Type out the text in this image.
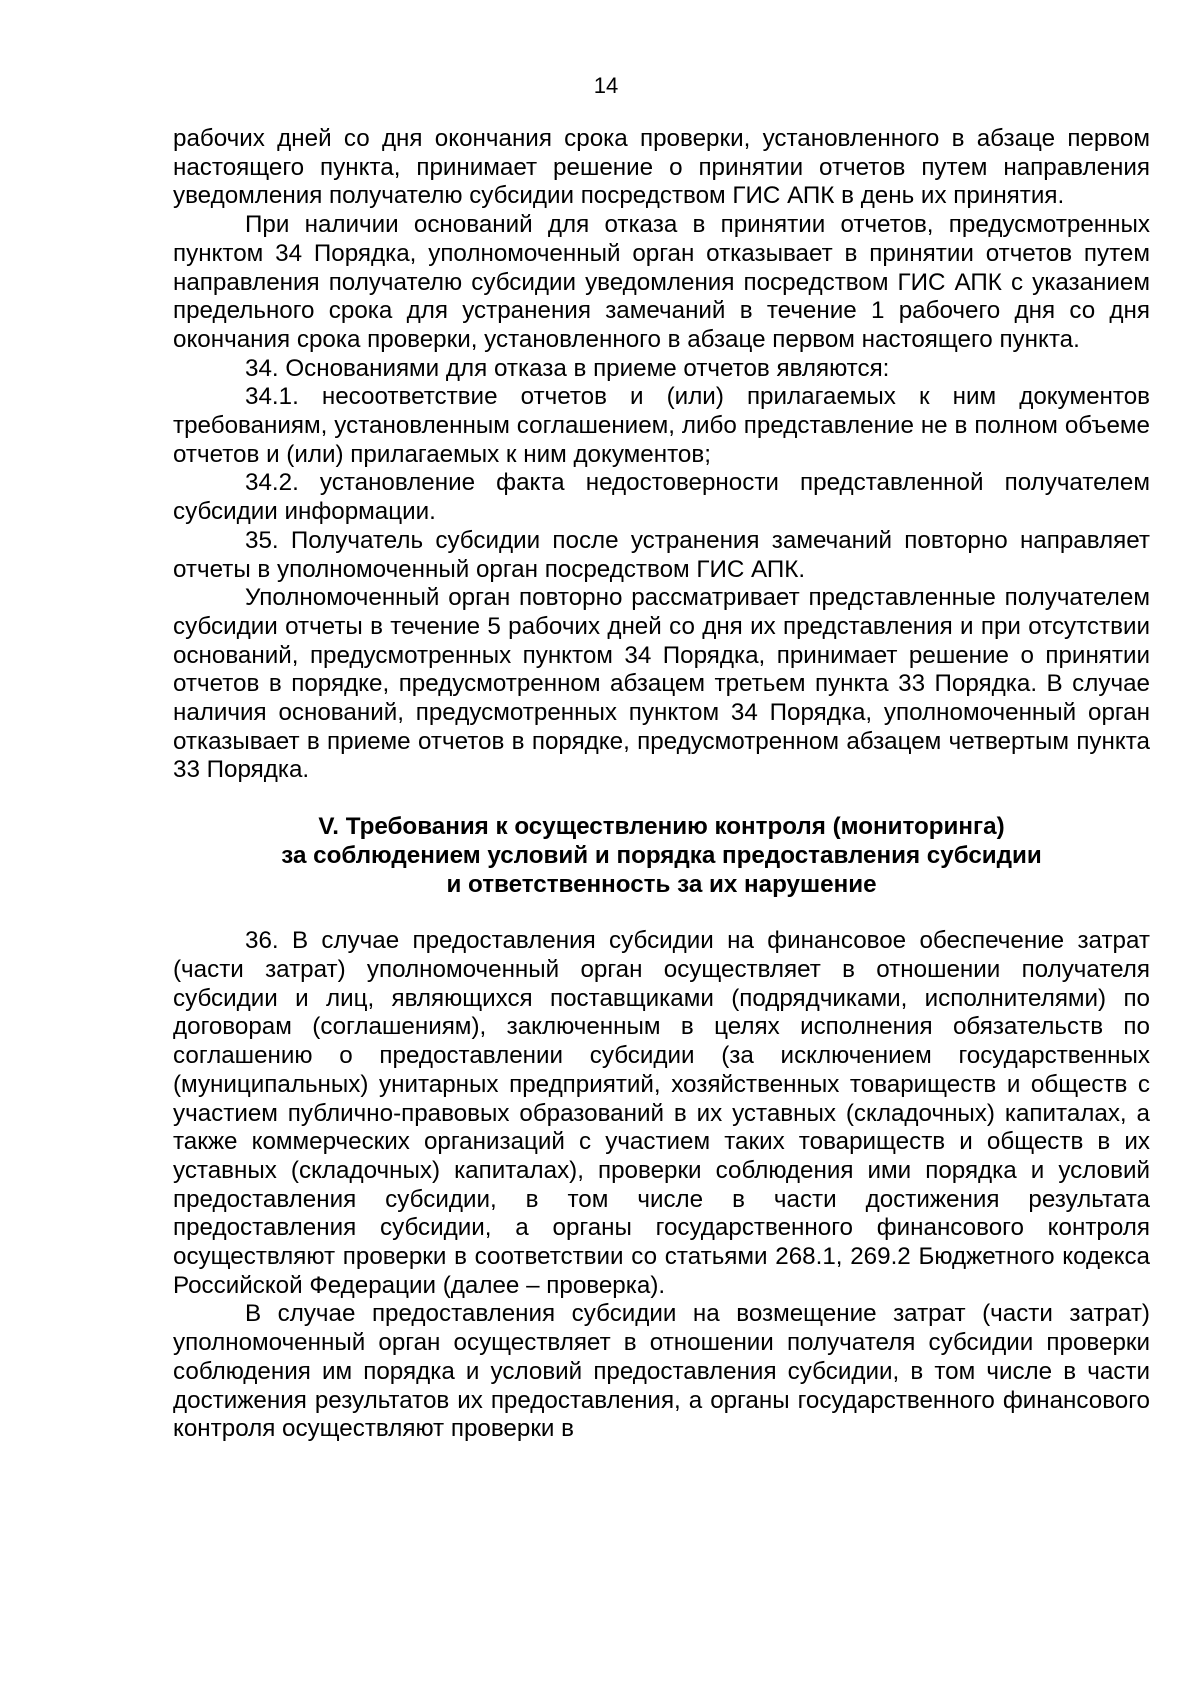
14

рабочих дней со дня окончания срока проверки, установленного в абзаце первом настоящего пункта, принимает решение о принятии отчетов путем направления уведомления получателю субсидии посредством ГИС АПК в день их принятия.

При наличии оснований для отказа в принятии отчетов, предусмотренных пунктом 34 Порядка, уполномоченный орган отказывает в принятии отчетов путем направления получателю субсидии уведомления посредством ГИС АПК с указанием предельного срока для устранения замечаний в течение 1 рабочего дня со дня окончания срока проверки, установленного в абзаце первом настоящего пункта.

34. Основаниями для отказа в приеме отчетов являются:

34.1. несоответствие отчетов и (или) прилагаемых к ним документов требованиям, установленным соглашением, либо представление не в полном объеме отчетов и (или) прилагаемых к ним документов;

34.2. установление факта недостоверности представленной получателем субсидии информации.

35. Получатель субсидии после устранения замечаний повторно направляет отчеты в уполномоченный орган посредством ГИС АПК.

Уполномоченный орган повторно рассматривает представленные получателем субсидии отчеты в течение 5 рабочих дней со дня их представления и при отсутствии оснований, предусмотренных пунктом 34 Порядка, принимает решение о принятии отчетов в порядке, предусмотренном абзацем третьем пункта 33 Порядка. В случае наличия оснований, предусмотренных пунктом 34 Порядка, уполномоченный орган отказывает в приеме отчетов в порядке, предусмотренном абзацем четвертым пункта 33 Порядка.

V. Требования к осуществлению контроля (мониторинга)
за соблюдением условий и порядка предоставления субсидии
и ответственность за их нарушение

36. В случае предоставления субсидии на финансовое обеспечение затрат (части затрат) уполномоченный орган осуществляет в отношении получателя субсидии и лиц, являющихся поставщиками (подрядчиками, исполнителями) по договорам (соглашениям), заключенным в целях исполнения обязательств по соглашению о предоставлении субсидии (за исключением государственных (муниципальных) унитарных предприятий, хозяйственных товариществ и обществ с участием публично-правовых образований в их уставных (складочных) капиталах, а также коммерческих организаций с участием таких товариществ и обществ в их уставных (складочных) капиталах), проверки соблюдения ими порядка и условий предоставления субсидии, в том числе в части достижения результата предоставления субсидии, а органы государственного финансового контроля осуществляют проверки в соответствии со статьями 268.1, 269.2 Бюджетного кодекса Российской Федерации (далее – проверка).

В случае предоставления субсидии на возмещение затрат (части затрат) уполномоченный орган осуществляет в отношении получателя субсидии проверки соблюдения им порядка и условий предоставления субсидии, в том числе в части достижения результатов их предоставления, а органы государственного финансового контроля осуществляют проверки в
